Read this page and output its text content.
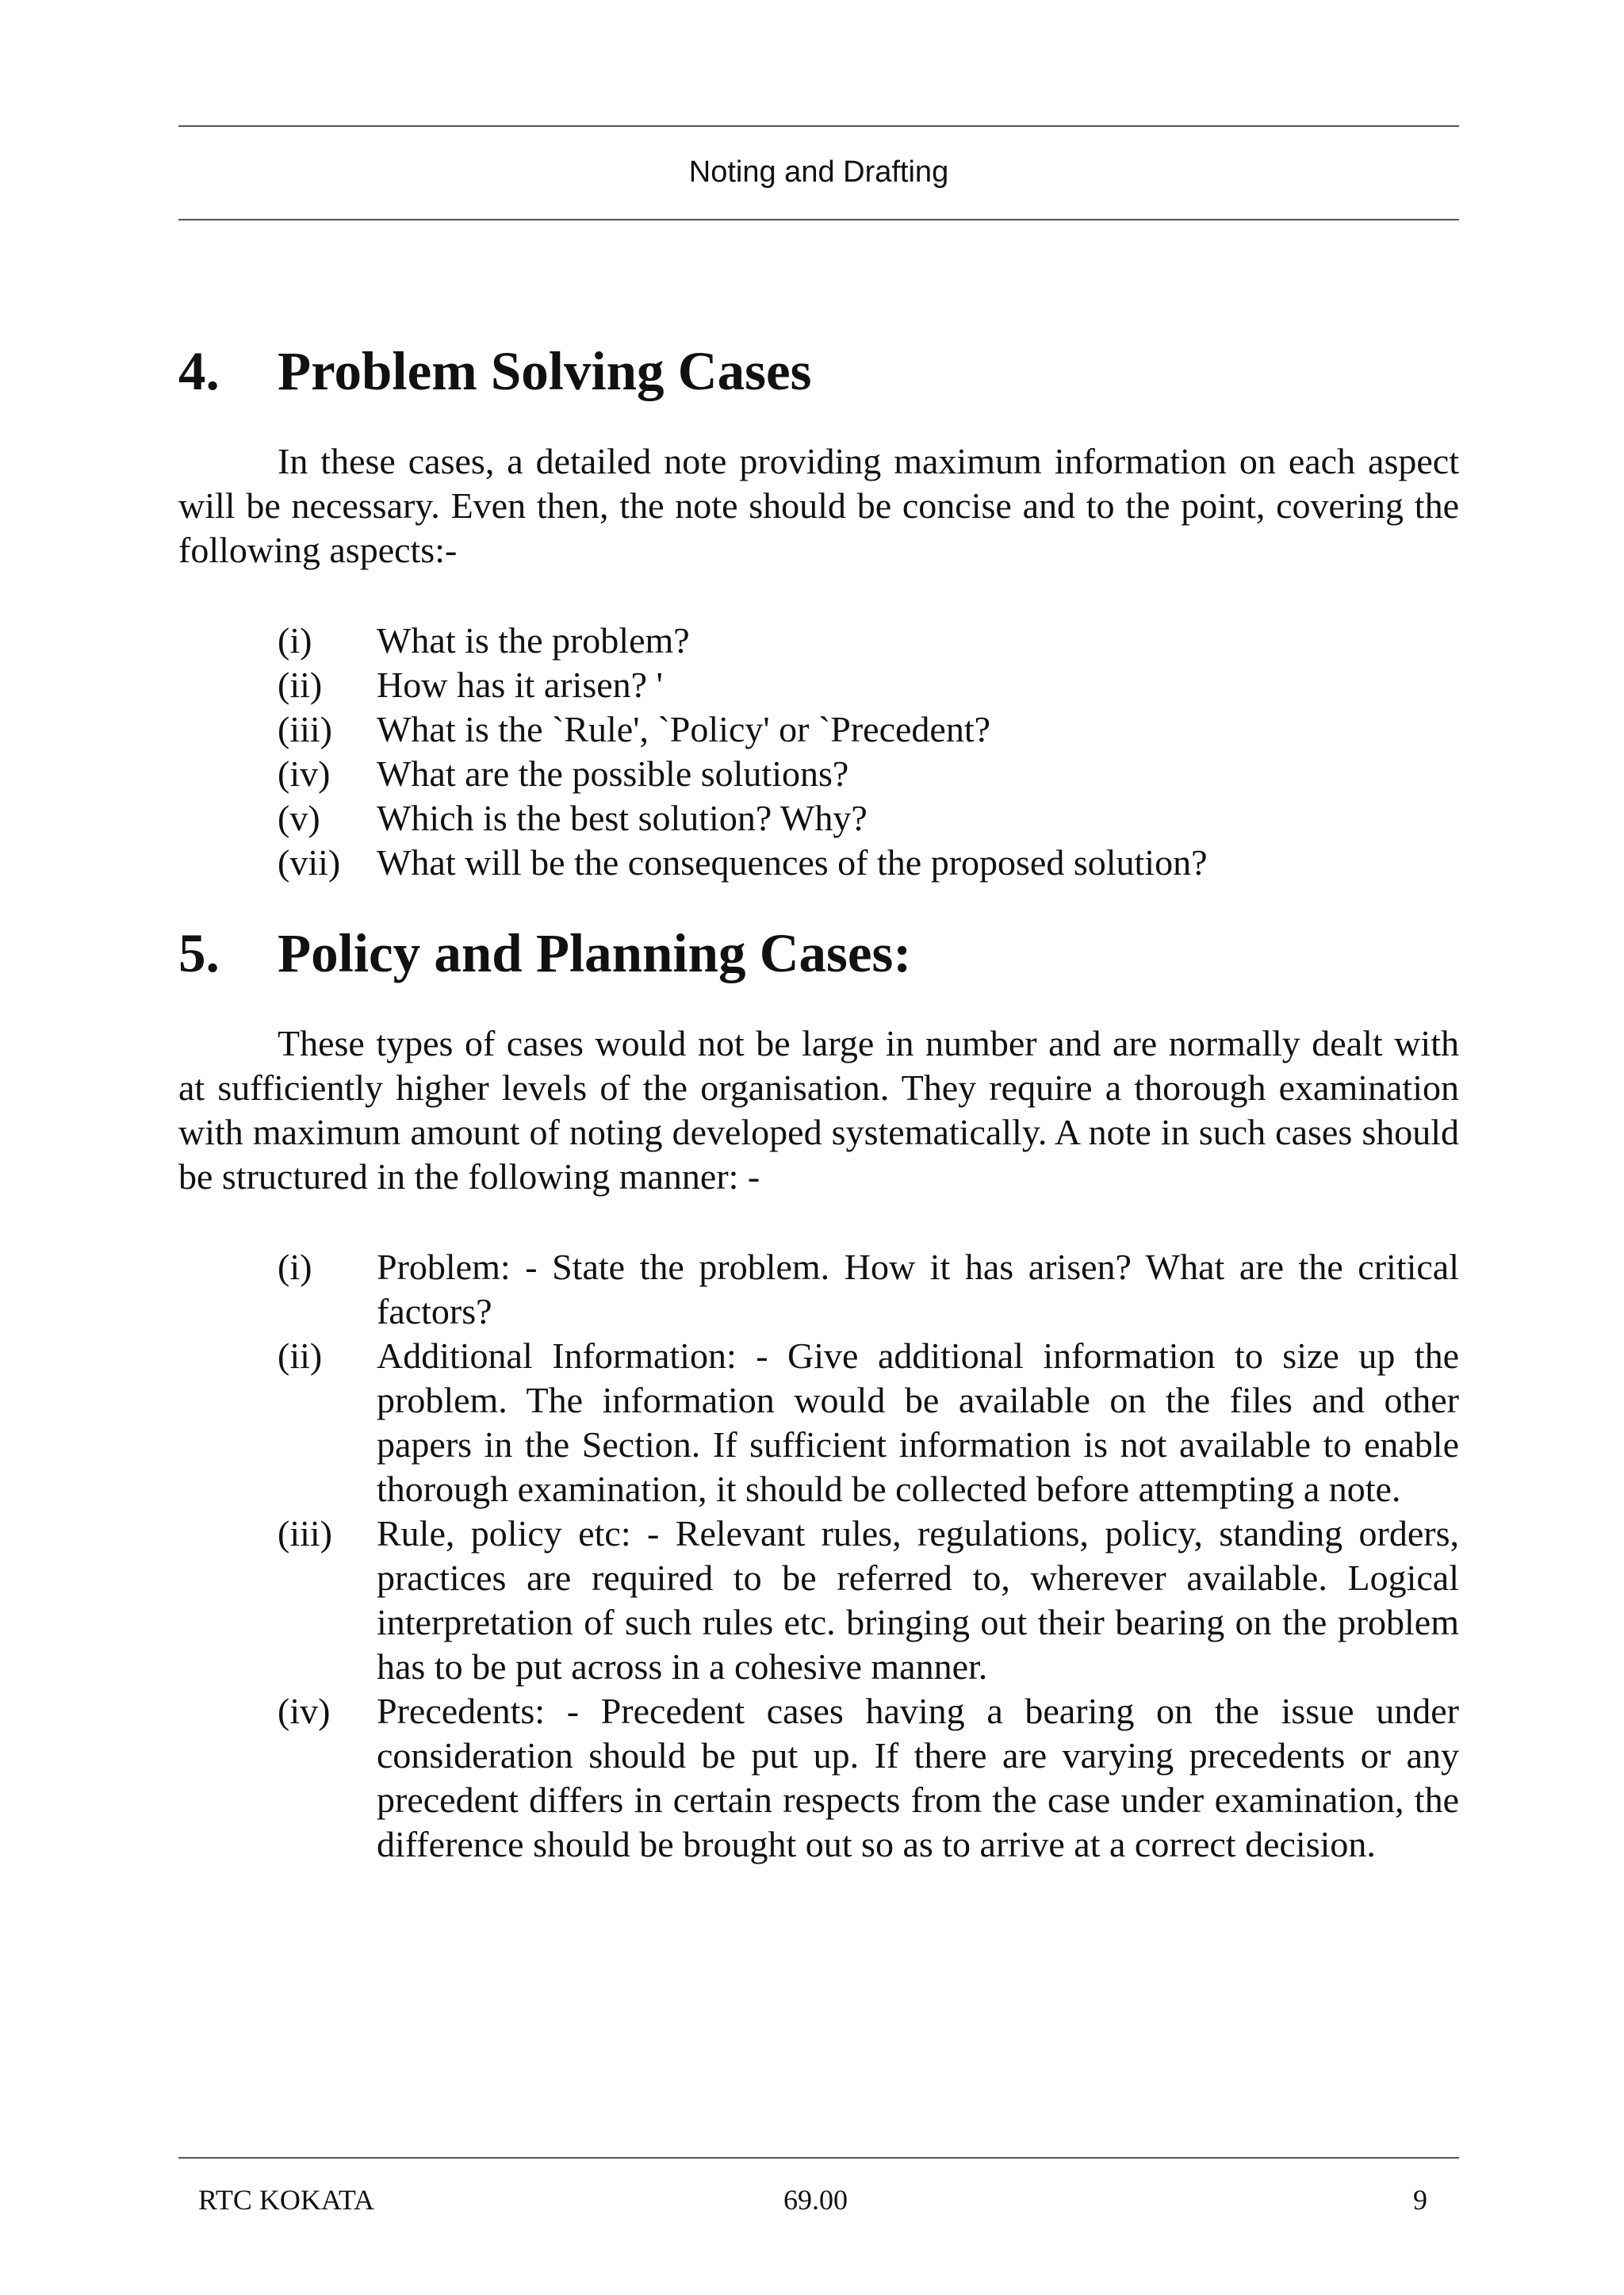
Noting and Drafting
4.	Problem Solving Cases

In these cases, a detailed note providing maximum information on each aspect will be necessary. Even then, the note should be concise and to the point, covering the following aspects:-

(i)	What is the problem?
(ii)	How has it arisen? '
(iii)	What is the `Rule', `Policy' or `Precedent?
(iv)	What are the possible solutions?
(v)	Which is the best solution? Why?
(vii) What will be the consequences of the proposed solution?
5.	Policy and Planning Cases:

These types of cases would not be large in number and are normally dealt with at sufficiently higher levels of the organisation. They require a thorough examination with maximum amount of noting developed systematically. A note in such cases should be structured in the following manner: -

(i)	Problem: - State the problem. How it has arisen? What are the critical factors?
(ii)	Additional Information: - Give additional information to size up the problem. The information would be available on the files and other papers in the Section. If sufficient information is not available to enable thorough examination, it should be collected before attempting a note.
(iii)	Rule, policy etc: - Relevant rules, regulations, policy, standing orders, practices are required to be referred to, wherever available. Logical interpretation of such rules etc. bringing out their bearing on the problem has to be put across in a cohesive manner.
(iv)	Precedents: - Precedent cases having a bearing on the issue under consideration should be put up. If there are varying precedents or any precedent differs in certain respects from the case under examination, the difference should be brought out so as to arrive at a correct decision.
RTC KOKATA	69.00	9
